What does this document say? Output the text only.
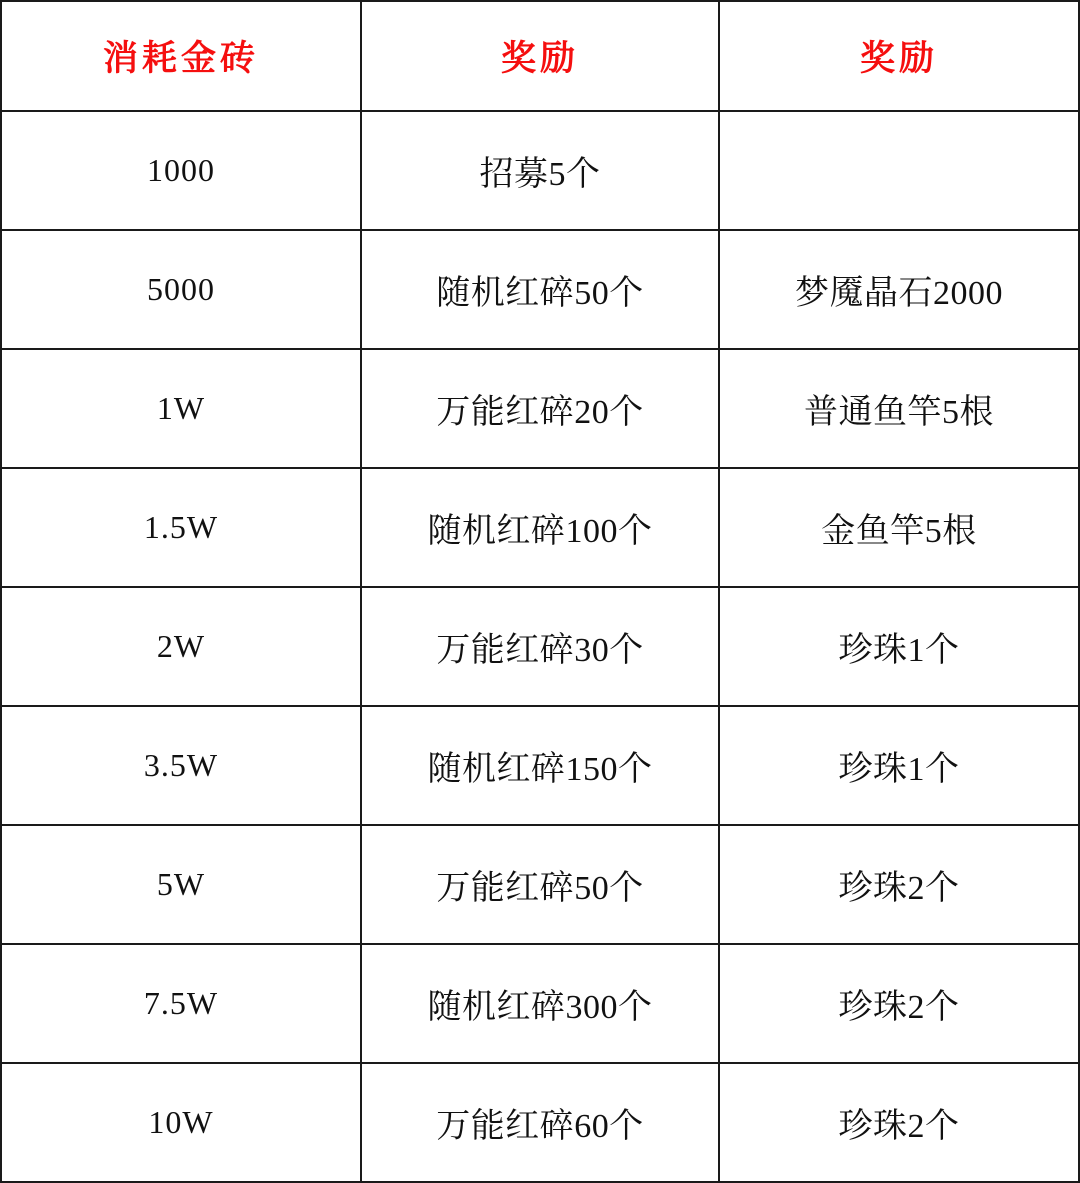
消耗金砖	奖励	奖励
1000	招募5个	
5000	随机红碎50个	梦魇晶石2000
1W	万能红碎20个	普通鱼竿5根
1.5W	随机红碎100个	金鱼竿5根
2W	万能红碎30个	珍珠1个
3.5W	随机红碎150个	珍珠1个
5W	万能红碎50个	珍珠2个
7.5W	随机红碎300个	珍珠2个
10W	万能红碎60个	珍珠2个
